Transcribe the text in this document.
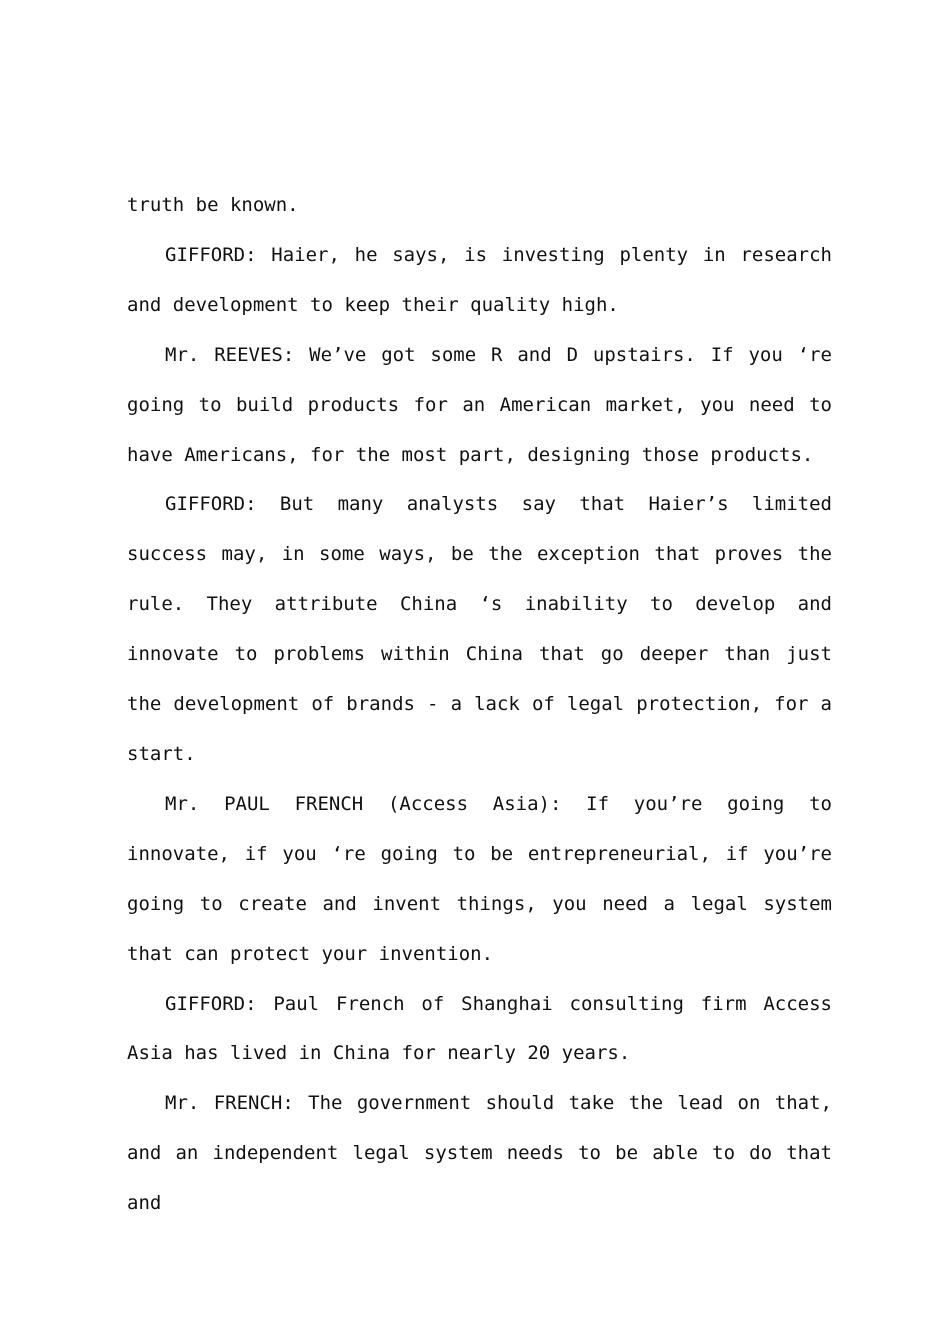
truth be known.

GIFFORD: Haier, he says, is investing plenty in research and development to keep their quality high.

Mr. REEVES: We’ve got some R and D upstairs. If you ‘re going to build products for an American market, you need to have Americans, for the most part, designing those products.

GIFFORD: But many analysts say that Haier’s limited success may, in some ways, be the exception that proves the rule. They attribute China ‘s inability to develop and innovate to problems within China that go deeper than just the development of brands - a lack of legal protection, for a start.

Mr. PAUL FRENCH (Access Asia): If you’re going to innovate, if you ‘re going to be entrepreneurial, if you’re going to create and invent things, you need a legal system that can protect your invention.

GIFFORD: Paul French of Shanghai consulting firm Access Asia has lived in China for nearly 20 years.

Mr. FRENCH: The government should take the lead on that, and an independent legal system needs to be able to do that and
